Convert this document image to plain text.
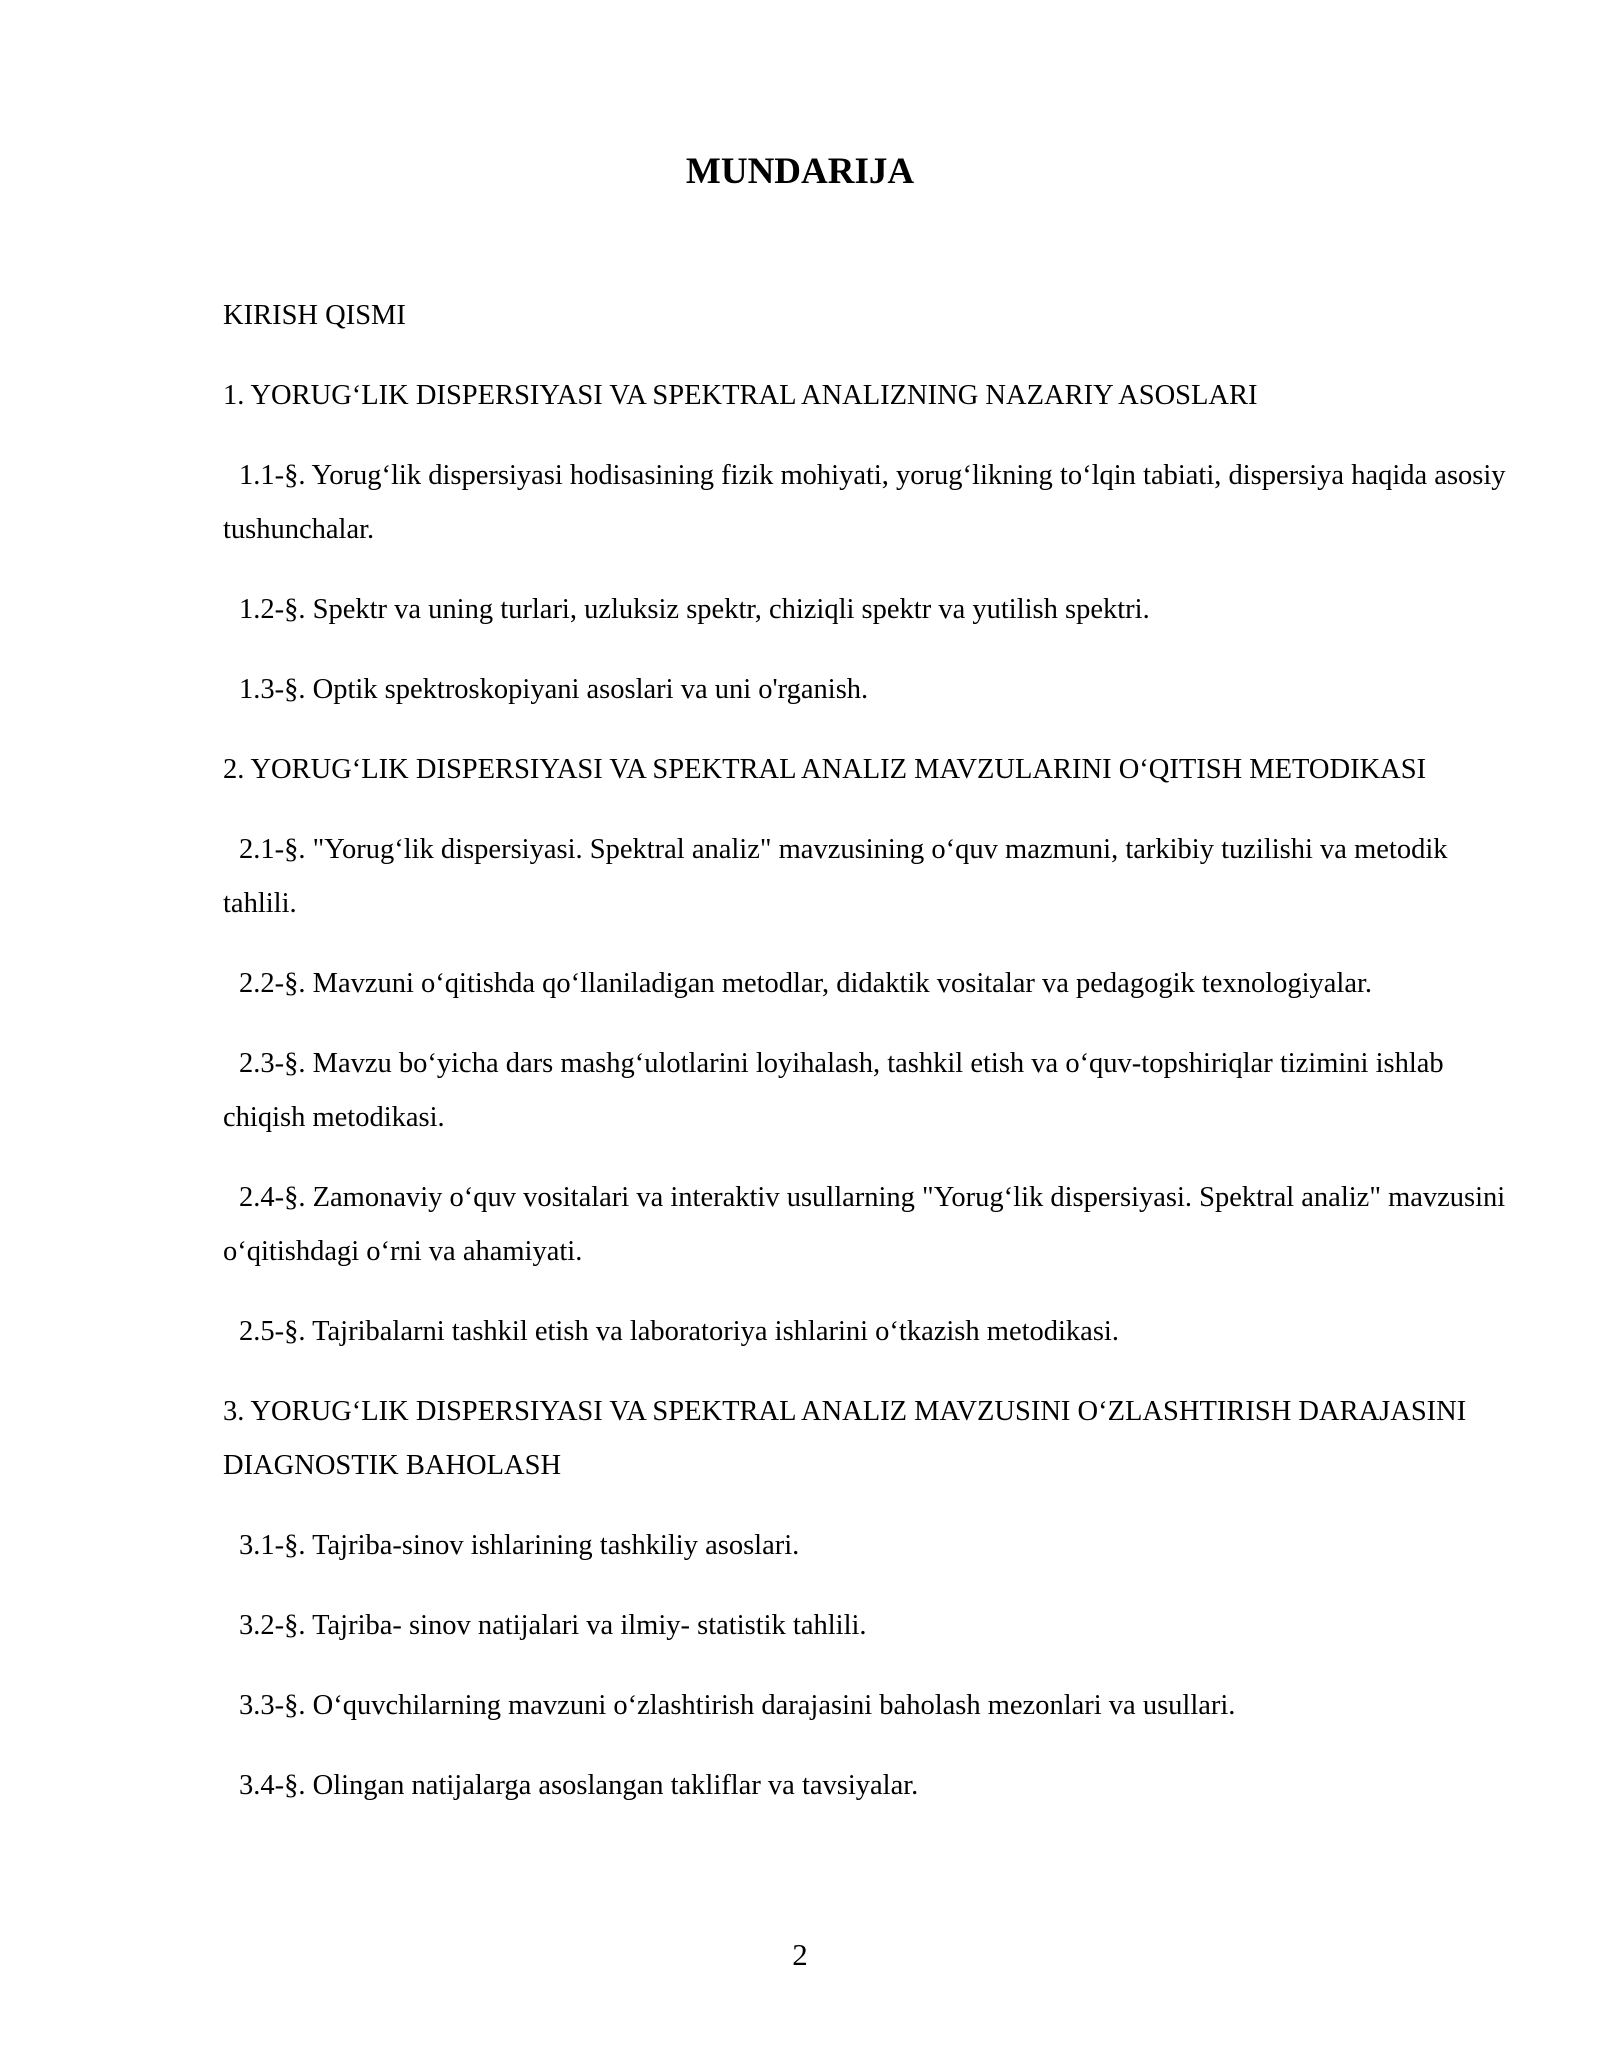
MUNDARIJA

KIRISH QISMI

1. YORUG‘LIK DISPERSIYASI VA SPEKTRAL ANALIZNING NAZARIY ASOSLARI

1.1-§. Yorug‘lik dispersiyasi hodisasining fizik mohiyati, yorug‘likning to‘lqin tabiati, dispersiya haqida asosiy tushunchalar.

1.2-§. Spektr va uning turlari, uzluksiz spektr, chiziqli spektr va yutilish spektri.

1.3-§. Optik spektroskopiyani asoslari va uni o'rganish.

2. YORUG‘LIK DISPERSIYASI VA SPEKTRAL ANALIZ MAVZULARINI O‘QITISH METODIKASI

2.1-§. "Yorug‘lik dispersiyasi. Spektral analiz" mavzusining o‘quv mazmuni, tarkibiy tuzilishi va metodik tahlili.

2.2-§. Mavzuni o‘qitishda qo‘llaniladigan metodlar, didaktik vositalar va pedagogik texnologiyalar.

2.3-§. Mavzu bo‘yicha dars mashg‘ulotlarini loyihalash, tashkil etish va o‘quv-topshiriqlar tizimini ishlab chiqish metodikasi.

2.4-§. Zamonaviy o‘quv vositalari va interaktiv usullarning "Yorug‘lik dispersiyasi. Spektral analiz" mavzusini o‘qitishdagi o‘rni va ahamiyati.

2.5-§. Tajribalarni tashkil etish va laboratoriya ishlarini o‘tkazish metodikasi.

3. YORUG‘LIK DISPERSIYASI VA SPEKTRAL ANALIZ MAVZUSINI O‘ZLASHTIRISH DARAJASINI DIAGNOSTIK BAHOLASH

3.1-§. Tajriba-sinov ishlarining tashkiliy asoslari.

3.2-§. Tajriba- sinov natijalari va ilmiy- statistik tahlili.

3.3-§. O‘quvchilarning mavzuni o‘zlashtirish darajasini baholash mezonlari va usullari.

3.4-§. Olingan natijalarga asoslangan takliflar va tavsiyalar.

2
